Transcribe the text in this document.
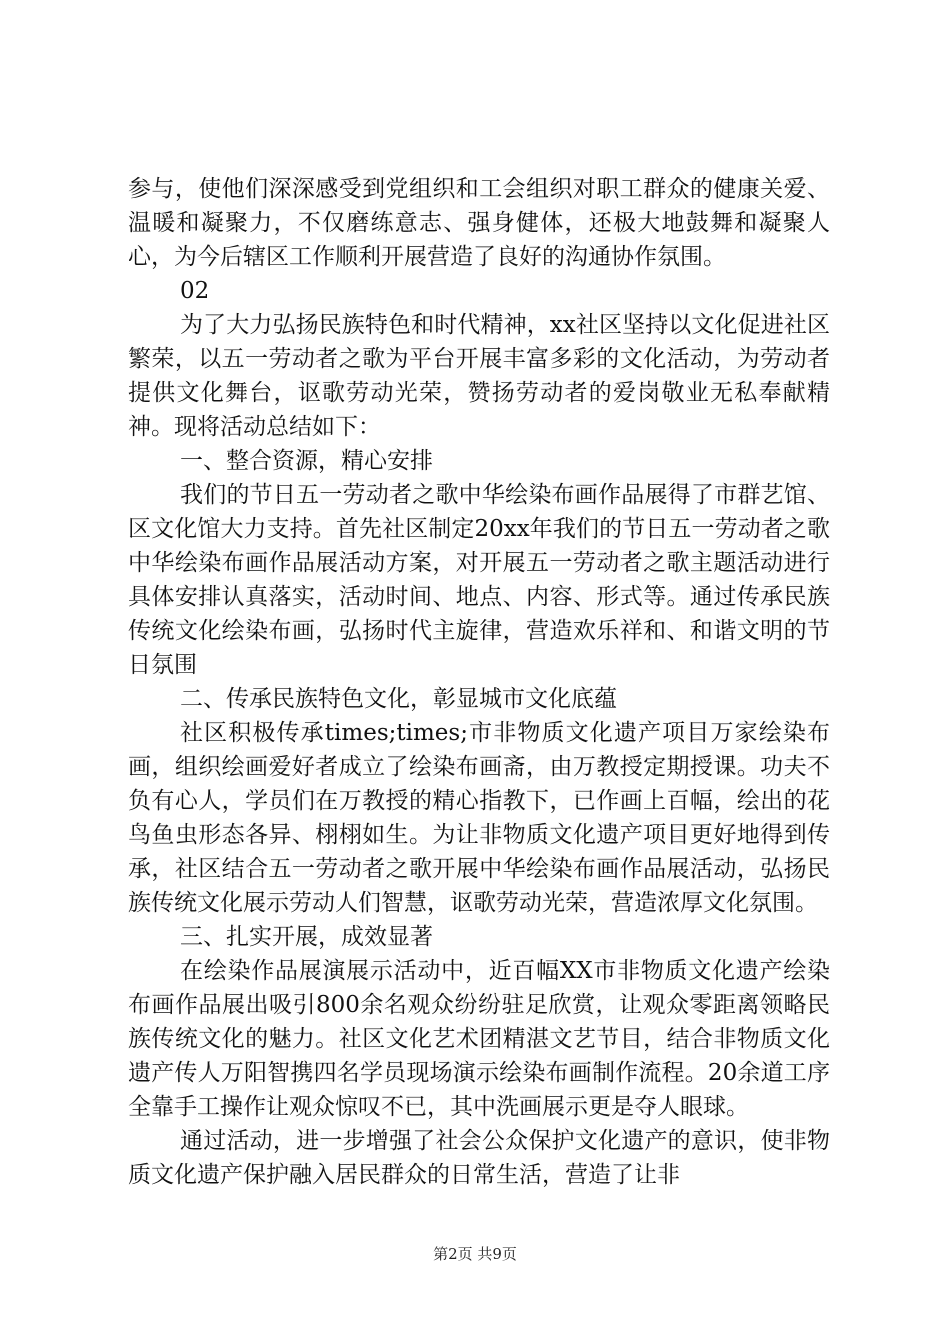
参与，使他们深深感受到党组织和工会组织对职工群众的健康关爱、温暖和凝聚力，不仅磨练意志、强身健体，还极大地鼓舞和凝聚人心，为今后辖区工作顺利开展营造了良好的沟通协作氛围。

02

为了大力弘扬民族特色和时代精神，xx社区坚持以文化促进社区繁荣，以五一劳动者之歌为平台开展丰富多彩的文化活动，为劳动者提供文化舞台，讴歌劳动光荣，赞扬劳动者的爱岗敬业无私奉献精神。现将活动总结如下：

一、整合资源，精心安排

我们的节日五一劳动者之歌中华绘染布画作品展得了市群艺馆、区文化馆大力支持。首先社区制定20xx年我们的节日五一劳动者之歌中华绘染布画作品展活动方案，对开展五一劳动者之歌主题活动进行具体安排认真落实，活动时间、地点、内容、形式等。通过传承民族传统文化绘染布画，弘扬时代主旋律，营造欢乐祥和、和谐文明的节日氛围

二、传承民族特色文化，彰显城市文化底蕴

社区积极传承times;times;市非物质文化遗产项目万家绘染布画，组织绘画爱好者成立了绘染布画斋，由万教授定期授课。功夫不负有心人，学员们在万教授的精心指教下，已作画上百幅，绘出的花鸟鱼虫形态各异、栩栩如生。为让非物质文化遗产项目更好地得到传承，社区结合五一劳动者之歌开展中华绘染布画作品展活动，弘扬民族传统文化展示劳动人们智慧，讴歌劳动光荣，营造浓厚文化氛围。

三、扎实开展，成效显著

在绘染作品展演展示活动中，近百幅XX市非物质文化遗产绘染布画作品展出吸引800余名观众纷纷驻足欣赏，让观众零距离领略民族传统文化的魅力。社区文化艺术团精湛文艺节目，结合非物质文化遗产传人万阳智携四名学员现场演示绘染布画制作流程。20余道工序全靠手工操作让观众惊叹不已，其中洗画展示更是夺人眼球。

通过活动，进一步增强了社会公众保护文化遗产的意识，使非物质文化遗产保护融入居民群众的日常生活，营造了让非

第2页 共9页
